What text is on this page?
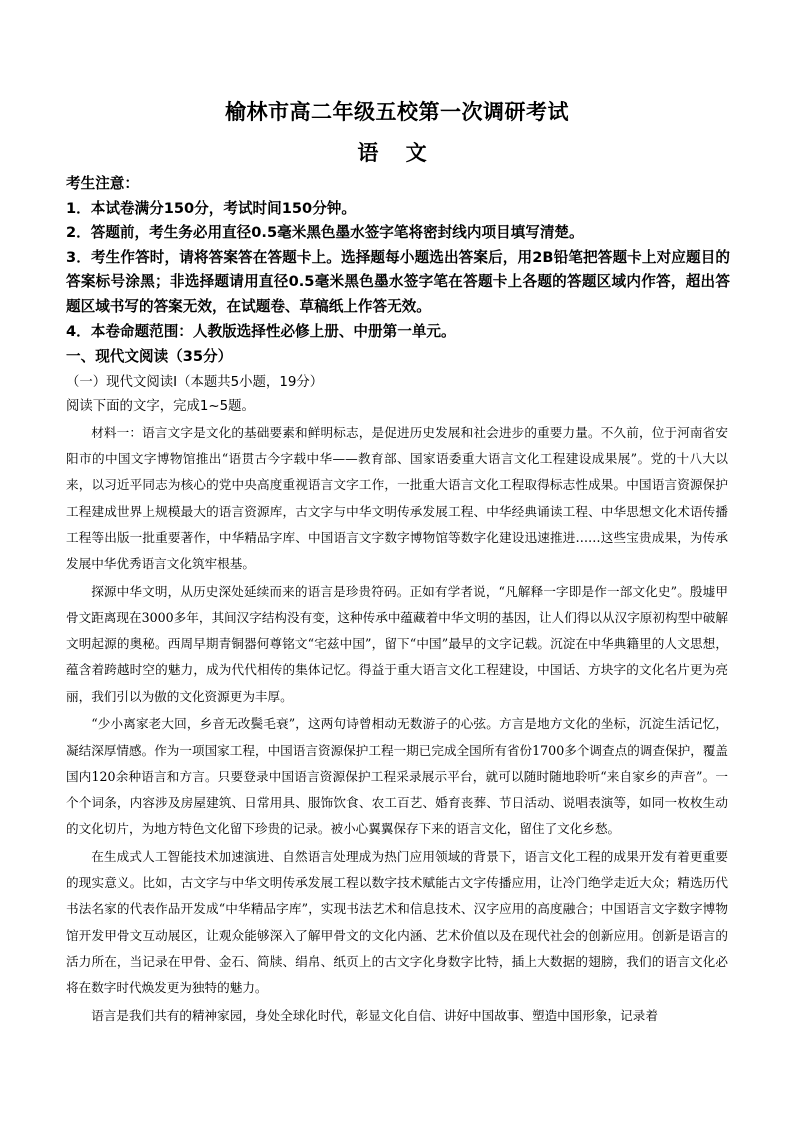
榆林市高二年级五校第一次调研考试
语 文

考生注意：

1．本试卷满分150分，考试时间150分钟。

2．答题前，考生务必用直径0.5毫米黑色墨水签字笔将密封线内项目填写清楚。

3．考生作答时，请将答案答在答题卡上。选择题每小题选出答案后，用2B铅笔把答题卡上对应题目的答案标号涂黑；非选择题请用直径0.5毫米黑色墨水签字笔在答题卡上各题的答题区域内作答，超出答题区域书写的答案无效，在试题卷、草稿纸上作答无效。

4．本卷命题范围：人教版选择性必修上册、中册第一单元。

一、现代文阅读（35分）
（一）现代文阅读Ⅰ（本题共5小题，19分）
阅读下面的文字，完成1~5题。

材料一：语言文字是文化的基础要素和鲜明标志，是促进历史发展和社会进步的重要力量。不久前，位于河南省安阳市的中国文字博物馆推出“语贯古今字载中华——教育部、国家语委重大语言文化工程建设成果展”。党的十八大以来，以习近平同志为核心的党中央高度重视语言文字工作，一批重大语言文化工程取得标志性成果。中国语言资源保护工程建成世界上规模最大的语言资源库，古文字与中华文明传承发展工程、中华经典诵读工程、中华思想文化术语传播工程等出版一批重要著作，中华精品字库、中国语言文字数字博物馆等数字化建设迅速推进……这些宝贵成果，为传承发展中华优秀语言文化筑牢根基。

探源中华文明，从历史深处延续而来的语言是珍贵符码。正如有学者说，“凡解释一字即是作一部文化史”。殷墟甲骨文距离现在3000多年，其间汉字结构没有变，这种传承中蕴藏着中华文明的基因，让人们得以从汉字原初构型中破解文明起源的奥秘。西周早期青铜器何尊铭文“宅兹中国”，留下“中国”最早的文字记载。沉淀在中华典籍里的人文思想，蕴含着跨越时空的魅力，成为代代相传的集体记忆。得益于重大语言文化工程建设，中国话、方块字的文化名片更为亮丽，我们引以为傲的文化资源更为丰厚。

“少小离家老大回，乡音无改鬓毛衰”，这两句诗曾相动无数游子的心弦。方言是地方文化的坐标，沉淀生活记忆，凝结深厚情感。作为一项国家工程，中国语言资源保护工程一期已完成全国所有省份1700多个调查点的调查保护，覆盖国内120余种语言和方言。只要登录中国语言资源保护工程采录展示平台，就可以随时随地聆听“来自家乡的声音”。一个个词条，内容涉及房屋建筑、日常用具、服饰饮食、农工百艺、婚育丧葬、节日活动、说唱表演等，如同一枚枚生动的文化切片，为地方特色文化留下珍贵的记录。被小心翼翼保存下来的语言文化，留住了文化乡愁。

在生成式人工智能技术加速演进、自然语言处理成为热门应用领域的背景下，语言文化工程的成果开发有着更重要的现实意义。比如，古文字与中华文明传承发展工程以数字技术赋能古文字传播应用，让冷门绝学走近大众；精选历代书法名家的代表作品开发成“中华精品字库”，实现书法艺术和信息技术、汉字应用的高度融合；中国语言文字数字博物馆开发甲骨文互动展区，让观众能够深入了解甲骨文的文化内涵、艺术价值以及在现代社会的创新应用。创新是语言的活力所在，当记录在甲骨、金石、简牍、绢帛、纸页上的古文字化身数字比特，插上大数据的翅膀，我们的语言文化必将在数字时代焕发更为独特的魅力。

语言是我们共有的精神家园，身处全球化时代，彰显文化自信、讲好中国故事、塑造中国形象，记录着
